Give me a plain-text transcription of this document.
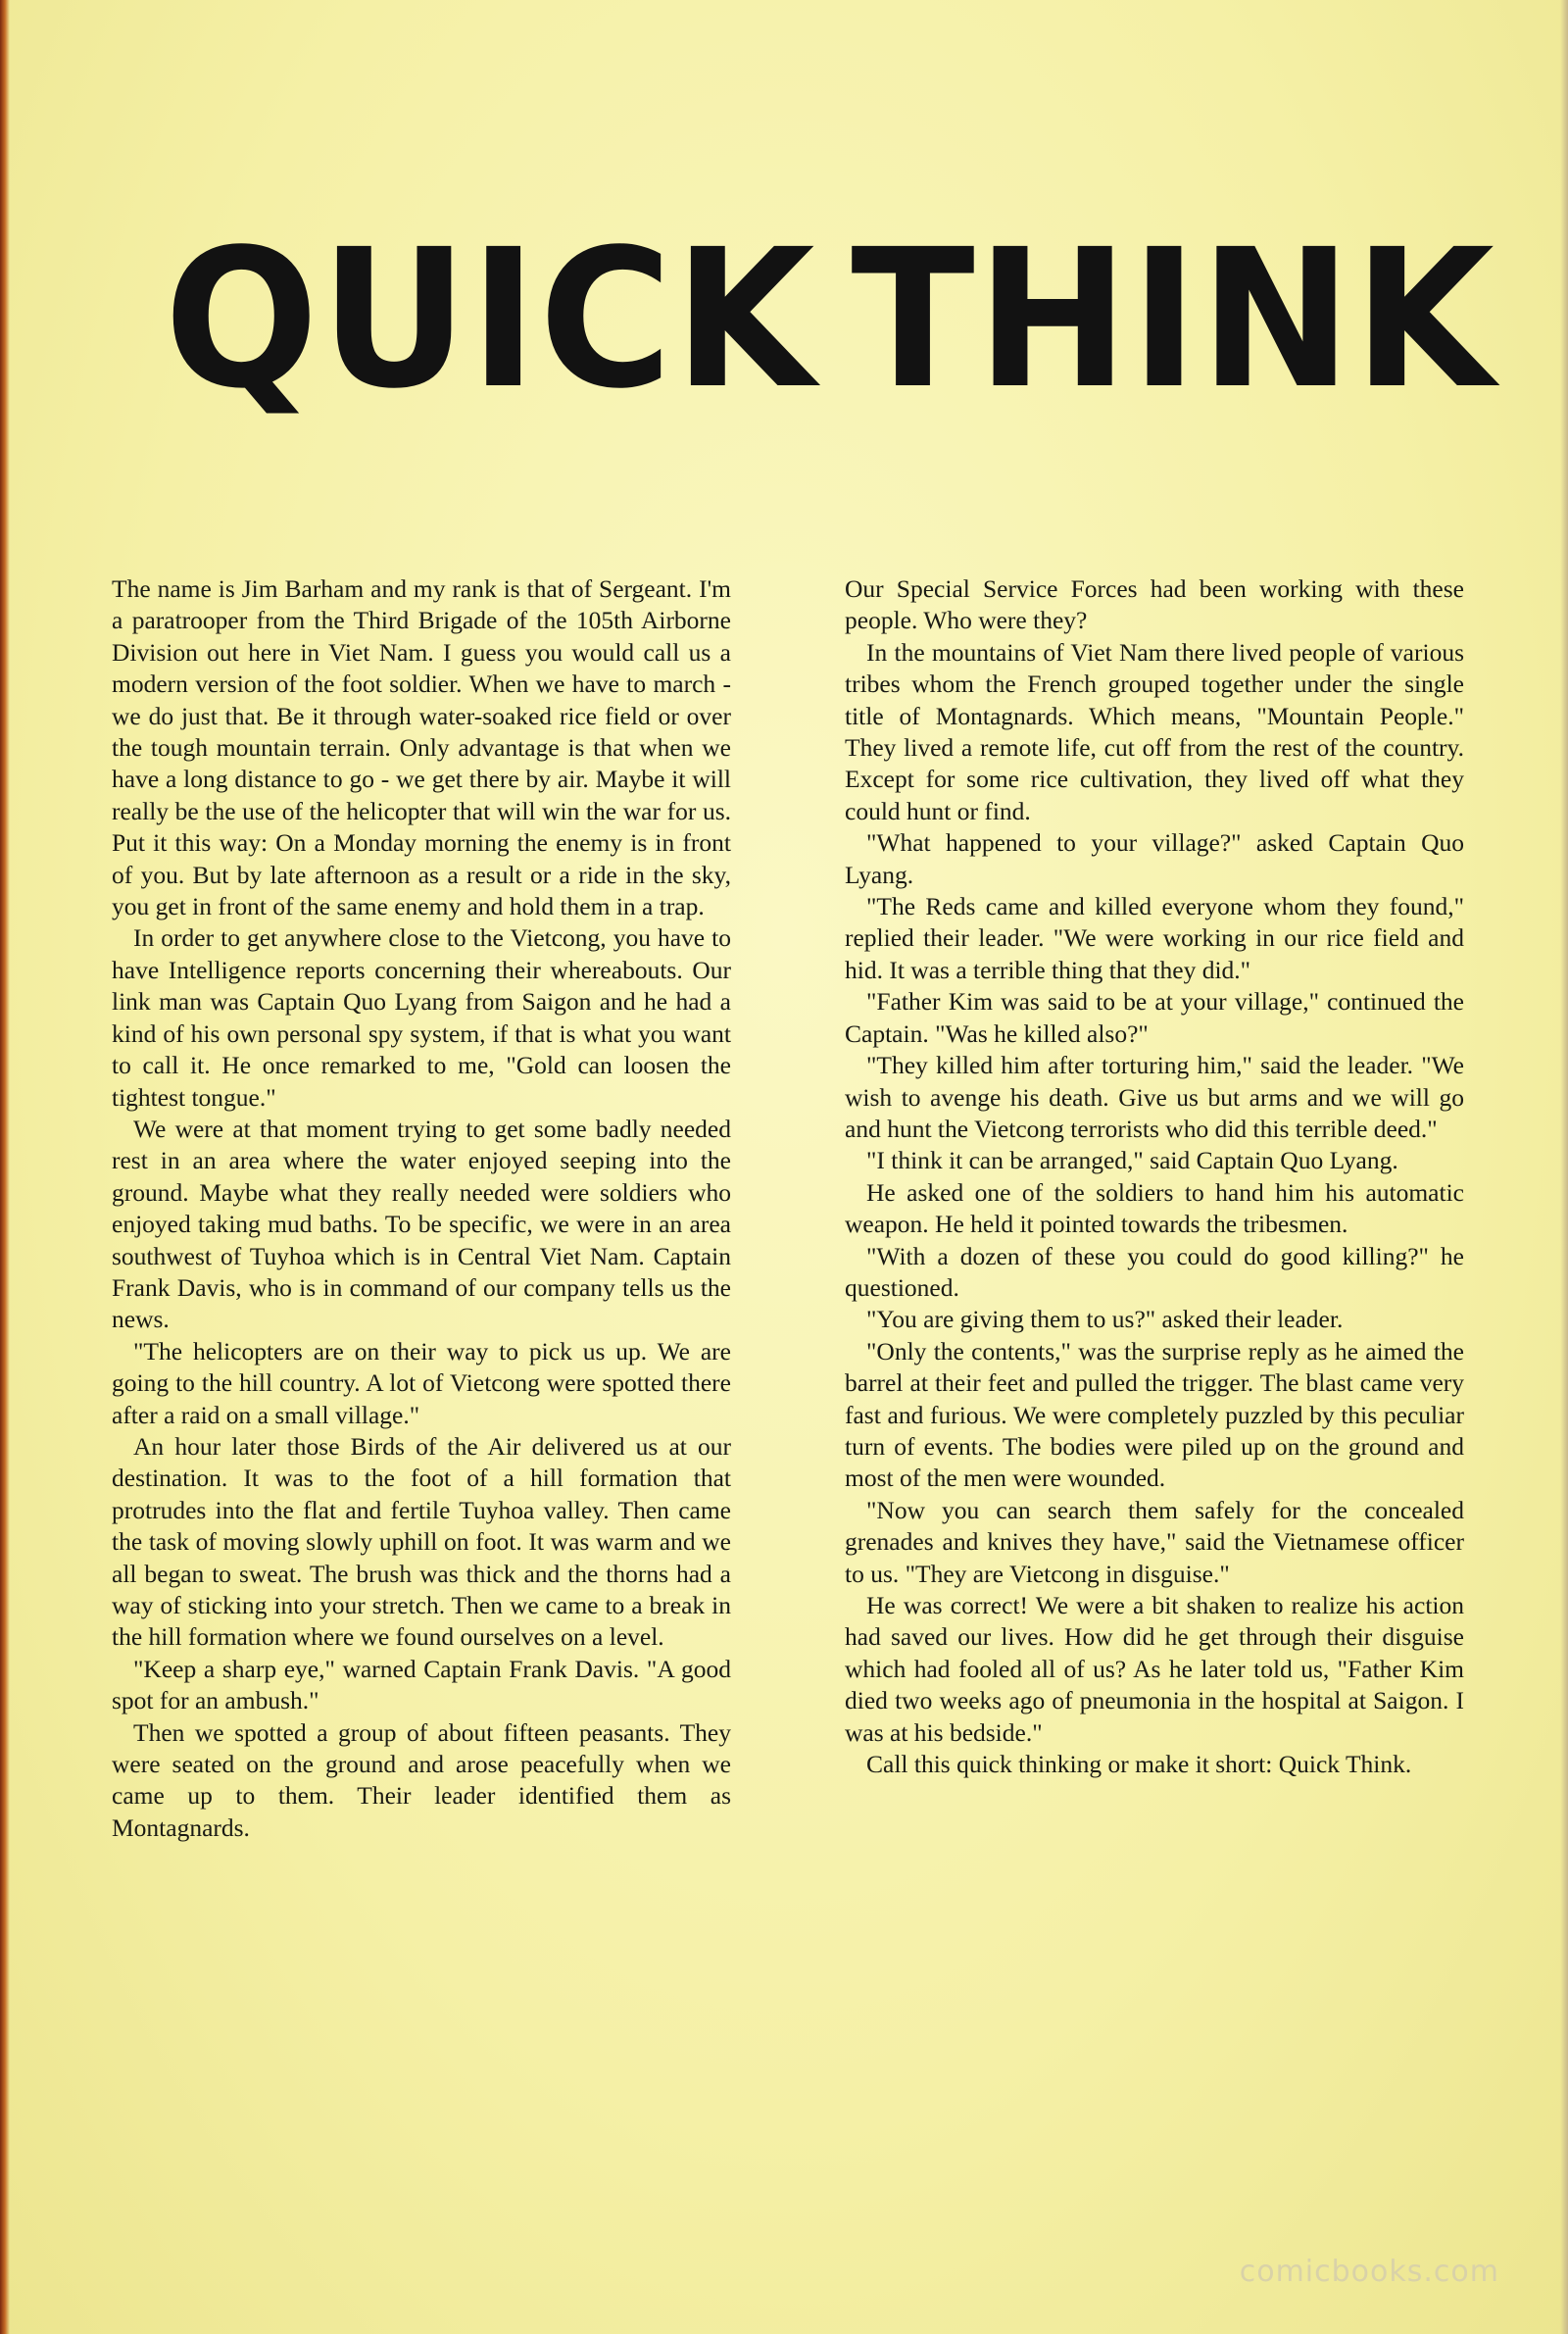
QUICK THINK

The name is Jim Barham and my rank is that of Sergeant. I'm a paratrooper from the Third Brigade of the 105th Airborne Division out here in Viet Nam. I guess you would call us a modern version of the foot soldier. When we have to march - we do just that. Be it through water-soaked rice field or over the tough mountain terrain. Only advantage is that when we have a long distance to go - we get there by air. Maybe it will really be the use of the helicopter that will win the war for us. Put it this way: On a Monday morning the enemy is in front of you. But by late afternoon as a result or a ride in the sky, you get in front of the same enemy and hold them in a trap.

In order to get anywhere close to the Vietcong, you have to have Intelligence reports concerning their whereabouts. Our link man was Captain Quo Lyang from Saigon and he had a kind of his own personal spy system, if that is what you want to call it. He once remarked to me, "Gold can loosen the tightest tongue."

We were at that moment trying to get some badly needed rest in an area where the water enjoyed seeping into the ground. Maybe what they really needed were soldiers who enjoyed taking mud baths. To be specific, we were in an area southwest of Tuyhoa which is in Central Viet Nam. Captain Frank Davis, who is in command of our company tells us the news.

"The helicopters are on their way to pick us up. We are going to the hill country. A lot of Vietcong were spotted there after a raid on a small village."

An hour later those Birds of the Air delivered us at our destination. It was to the foot of a hill formation that protrudes into the flat and fertile Tuyhoa valley. Then came the task of moving slowly uphill on foot. It was warm and we all began to sweat. The brush was thick and the thorns had a way of sticking into your stretch. Then we came to a break in the hill formation where we found ourselves on a level.

"Keep a sharp eye," warned Captain Frank Davis. "A good spot for an ambush."

Then we spotted a group of about fifteen peasants. They were seated on the ground and arose peacefully when we came up to them. Their leader identified them as Montagnards.

Our Special Service Forces had been working with these people. Who were they?

In the mountains of Viet Nam there lived people of various tribes whom the French grouped together under the single title of Montagnards. Which means, "Mountain People." They lived a remote life, cut off from the rest of the country. Except for some rice cultivation, they lived off what they could hunt or find.

"What happened to your village?" asked Captain Quo Lyang.

"The Reds came and killed everyone whom they found," replied their leader. "We were working in our rice field and hid. It was a terrible thing that they did."

"Father Kim was said to be at your village," continued the Captain. "Was he killed also?"

"They killed him after torturing him," said the leader. "We wish to avenge his death. Give us but arms and we will go and hunt the Vietcong terrorists who did this terrible deed."

"I think it can be arranged," said Captain Quo Lyang.

He asked one of the soldiers to hand him his automatic weapon. He held it pointed towards the tribesmen.

"With a dozen of these you could do good killing?" he questioned.

"You are giving them to us?" asked their leader.

"Only the contents," was the surprise reply as he aimed the barrel at their feet and pulled the trigger. The blast came very fast and furious. We were completely puzzled by this peculiar turn of events. The bodies were piled up on the ground and most of the men were wounded.

"Now you can search them safely for the concealed grenades and knives they have," said the Vietnamese officer to us. "They are Vietcong in disguise."

He was correct! We were a bit shaken to realize his action had saved our lives. How did he get through their disguise which had fooled all of us? As he later told us, "Father Kim died two weeks ago of pneumonia in the hospital at Saigon. I was at his bedside."

Call this quick thinking or make it short: Quick Think.

comicbooks.com
